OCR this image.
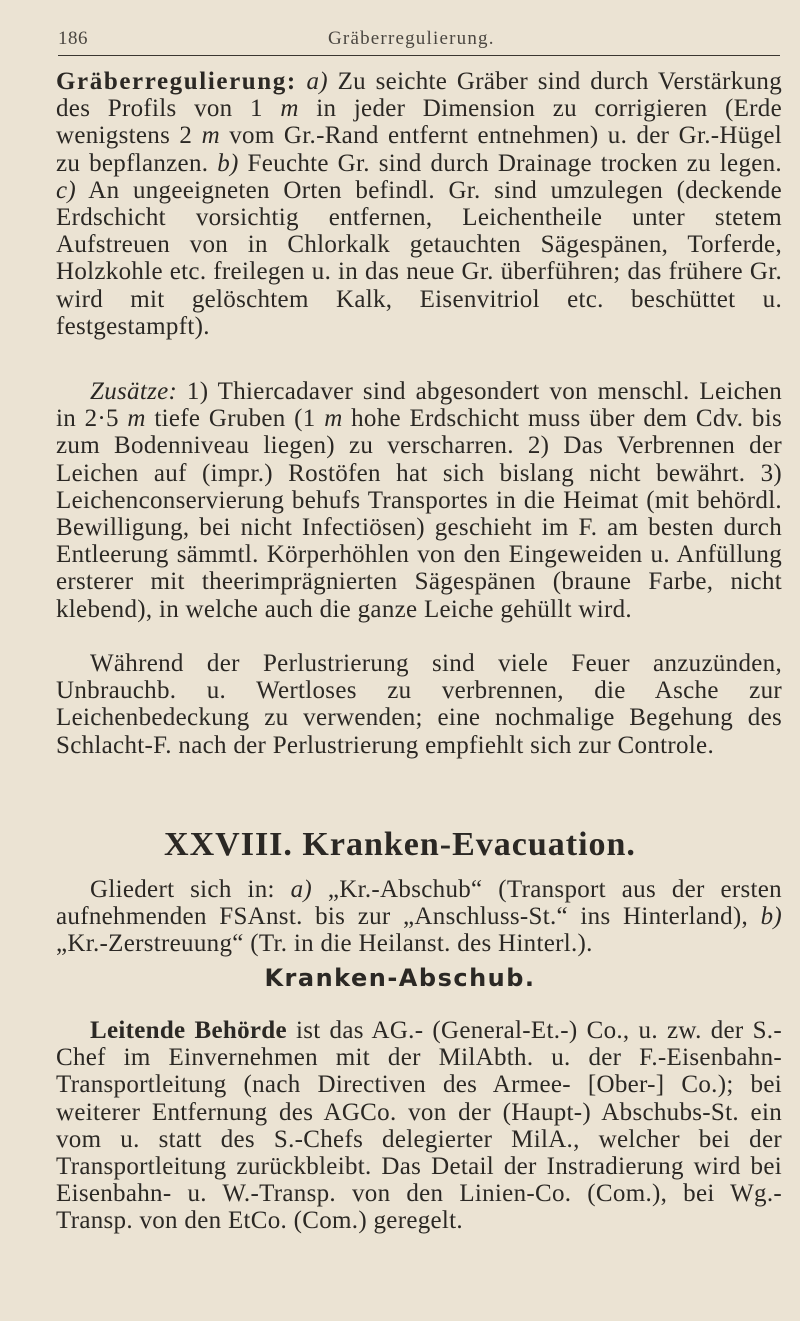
186	Gräberregulierung.

Gräberregulierung: a) Zu seichte Gräber sind durch Verstärkung des Profils von 1 m in jeder Dimension zu corrigieren (Erde wenigstens 2 m vom Gr.-Rand entfernt entnehmen) u. der Gr.-Hügel zu bepflanzen. b) Feuchte Gr. sind durch Drainage trocken zu legen. c) An ungeeigneten Orten befindl. Gr. sind umzulegen (deckende Erdschicht vorsichtig entfernen, Leichentheile unter stetem Aufstreuen von in Chlorkalk getauchten Sägespänen, Torferde, Holzkohle etc. freilegen u. in das neue Gr. überführen; das frühere Gr. wird mit gelöschtem Kalk, Eisenvitriol etc. beschüttet u. festgestampft).

Zusätze: 1) Thiercadaver sind abgesondert von menschl. Leichen in 2·5 m tiefe Gruben (1 m hohe Erdschicht muss über dem Cdv. bis zum Bodenniveau liegen) zu verscharren. 2) Das Verbrennen der Leichen auf (impr.) Rostöfen hat sich bislang nicht bewährt. 3) Leichenconservierung behufs Transportes in die Heimat (mit behördl. Bewilligung, bei nicht Infectiösen) geschieht im F. am besten durch Entleerung sämmtl. Körperhöhlen von den Eingeweiden u. Anfüllung ersterer mit theerimprägnierten Sägespänen (braune Farbe, nicht klebend), in welche auch die ganze Leiche gehüllt wird.

Während der Perlustrierung sind viele Feuer anzuzünden, Unbrauchb. u. Wertloses zu verbrennen, die Asche zur Leichenbedeckung zu verwenden; eine nochmalige Begehung des Schlacht-F. nach der Perlustrierung empfiehlt sich zur Controle.

XXVIII. Kranken-Evacuation.

Gliedert sich in: a) „Kr.-Abschub“ (Transport aus der ersten aufnehmenden FSAnst. bis zur „Anschluss-St.“ ins Hinterland), b) „Kr.-Zerstreuung“ (Tr. in die Heilanst. des Hinterl.).

Kranken-Abschub.

Leitende Behörde ist das AG.- (General-Et.-) Co., u. zw. der S.-Chef im Einvernehmen mit der MilAbth. u. der F.-Eisenbahn-Transportleitung (nach Directiven des Armee- [Ober-] Co.); bei weiterer Entfernung des AGCo. von der (Haupt-) Abschubs-St. ein vom u. statt des S.-Chefs delegierter MilA., welcher bei der Transportleitung zurückbleibt. Das Detail der Instradierung wird bei Eisenbahn- u. W.-Transp. von den Linien-Co. (Com.), bei Wg.-Transp. von den EtCo. (Com.) geregelt.
